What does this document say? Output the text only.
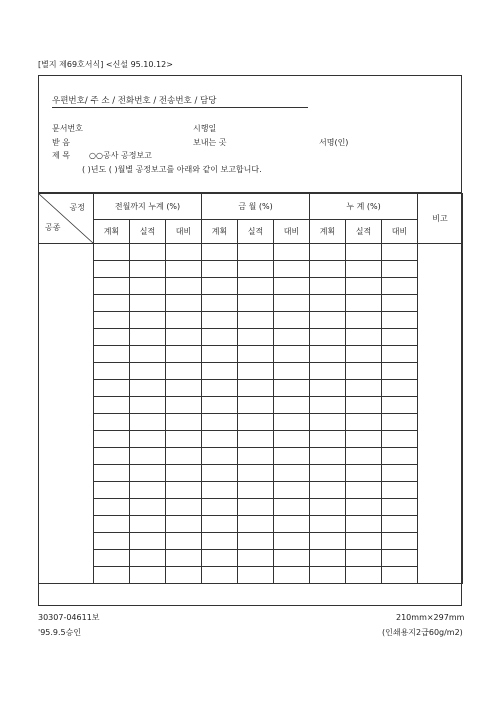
[별지 제69호서식] <신설 95.10.12>
우편번호/ 주 소 / 전화번호 / 전송번호 / 담당
문서번호	시행일
받 음	보내는 곳	서명(인)
제 목 ○○공사 공정보고
( )년도 ( )월별 공정보고를 아래와 같이 보고합니다.
공정
공종	전월까지 누계 (%)			금 월 (%)			누 계 (%)			비고
	계획	실적	대비	계획	실적	대비	계획	실적	대비	

30307-04611보
'95.9.5승인
210mm×297mm
(인쇄용지2급60g/m2)
